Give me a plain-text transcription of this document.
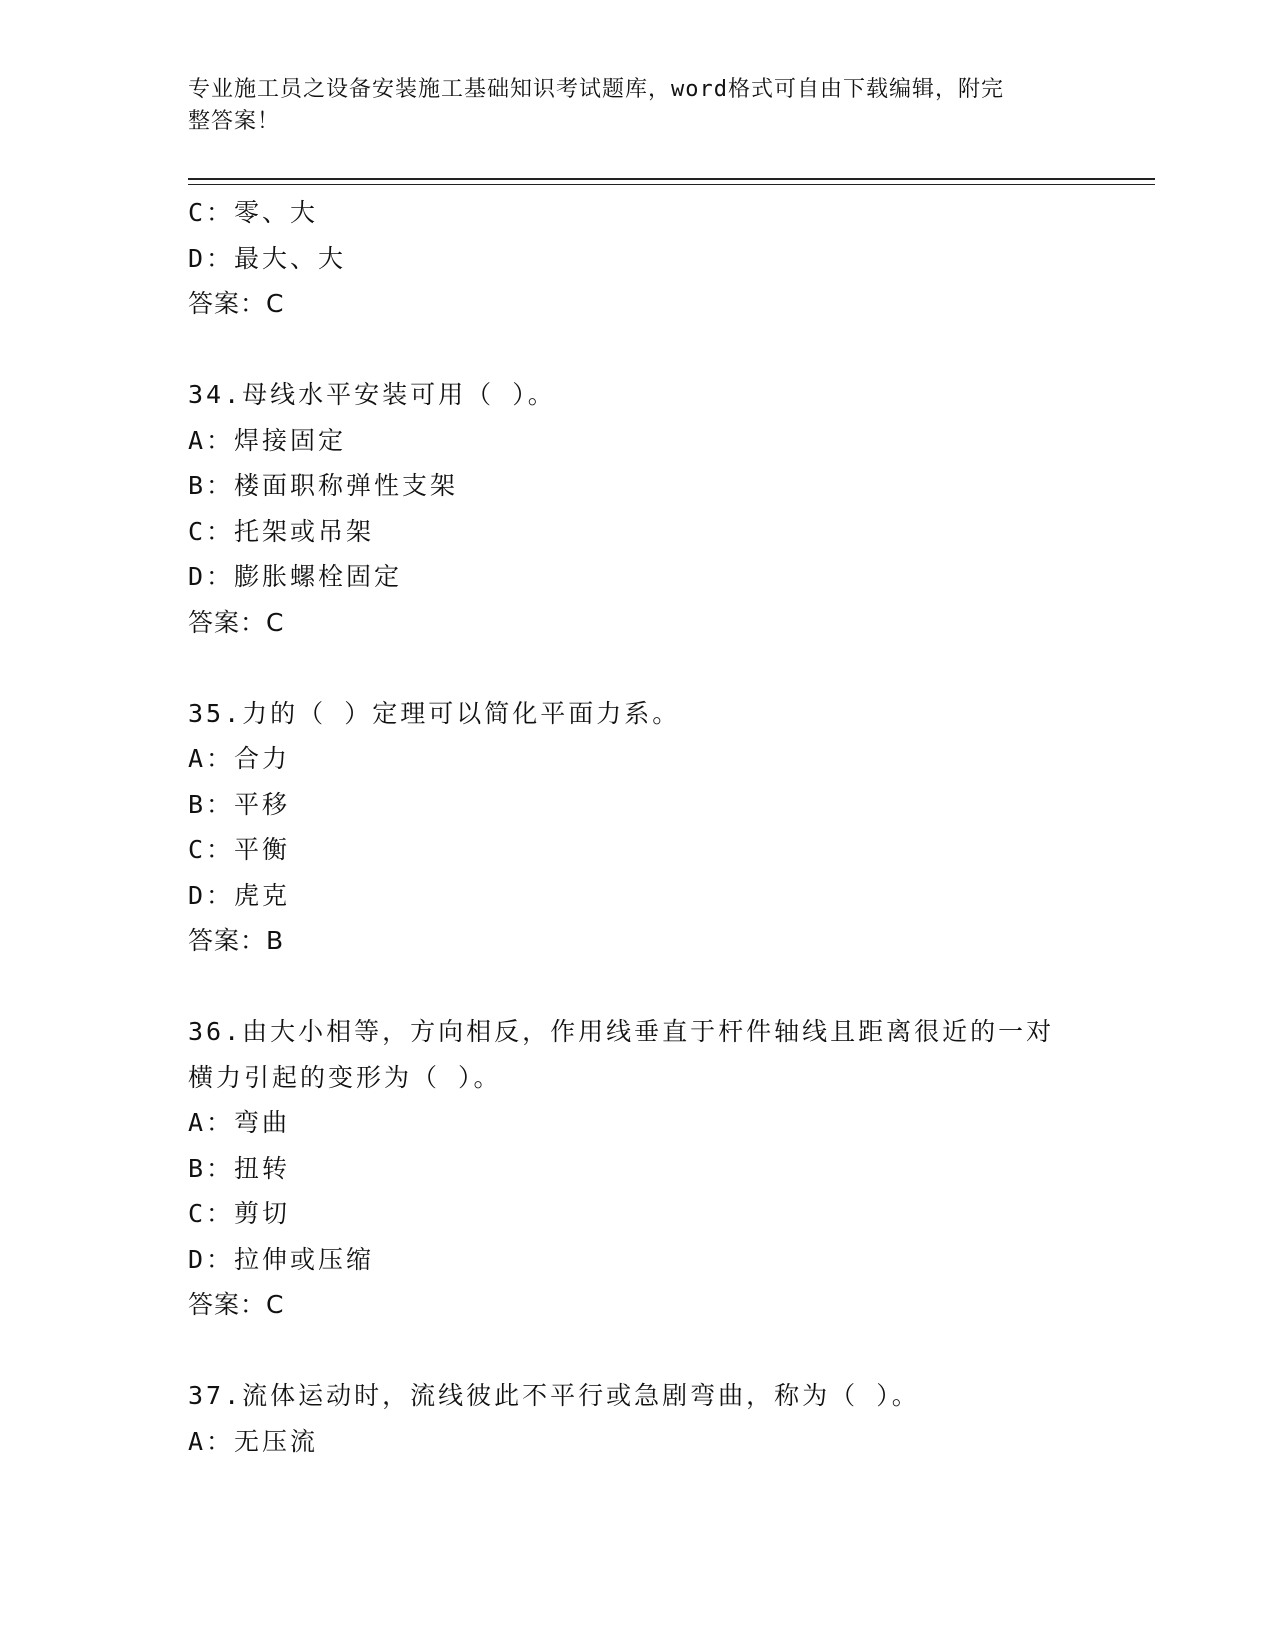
专业施工员之设备安装施工基础知识考试题库，word格式可自由下载编辑，附完
整答案！
C：零、大
D：最大、大
答案：C
34.母线水平安装可用（ ）。
A：焊接固定
B：楼面职称弹性支架
C：托架或吊架
D：膨胀螺栓固定
答案：C
35.力的（ ）定理可以简化平面力系。
A：合力
B：平移
C：平衡
D：虎克
答案：B
36.由大小相等，方向相反，作用线垂直于杆件轴线且距离很近的一对
横力引起的变形为（ ）。
A：弯曲
B：扭转
C：剪切
D：拉伸或压缩
答案：C
37.流体运动时，流线彼此不平行或急剧弯曲，称为（ ）。
A：无压流
